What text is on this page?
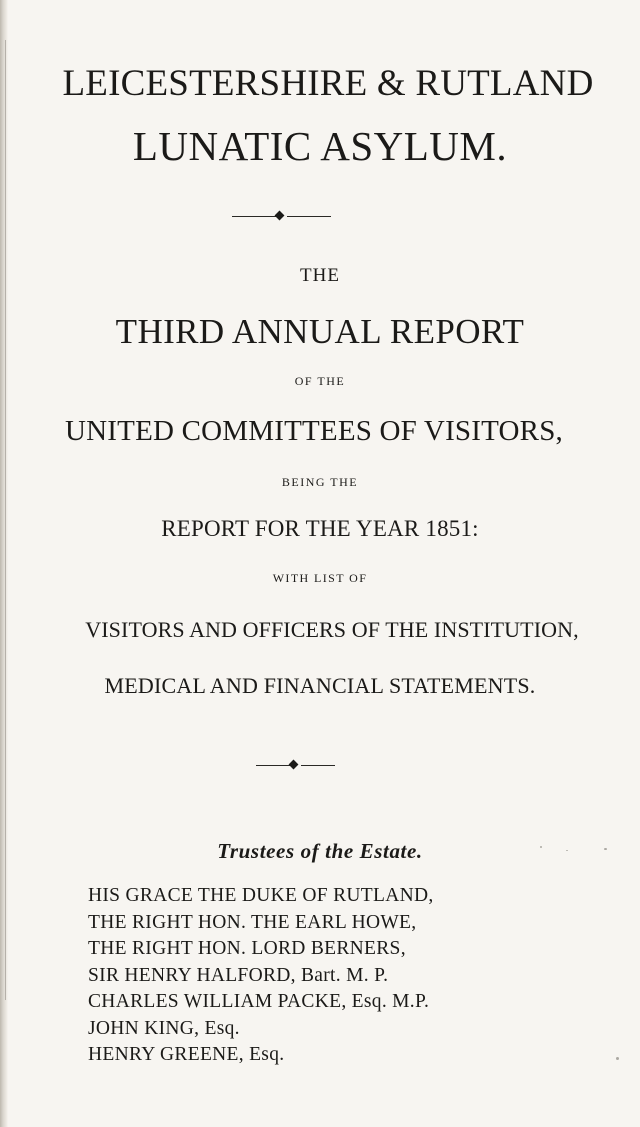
LEICESTERSHIRE & RUTLAND
LUNATIC ASYLUM.
THE
THIRD ANNUAL REPORT
OF THE
UNITED COMMITTEES OF VISITORS,
BEING THE
REPORT FOR THE YEAR 1851:
WITH LIST OF
VISITORS AND OFFICERS OF THE INSTITUTION,
MEDICAL AND FINANCIAL STATEMENTS.
Trustees of the Estate.
HIS GRACE THE DUKE OF RUTLAND,
THE RIGHT HON. THE EARL HOWE,
THE RIGHT HON. LORD BERNERS,
SIR HENRY HALFORD, Bart. M. P.
CHARLES WILLIAM PACKE, Esq. M.P.
JOHN KING, Esq.
HENRY GREENE, Esq.
